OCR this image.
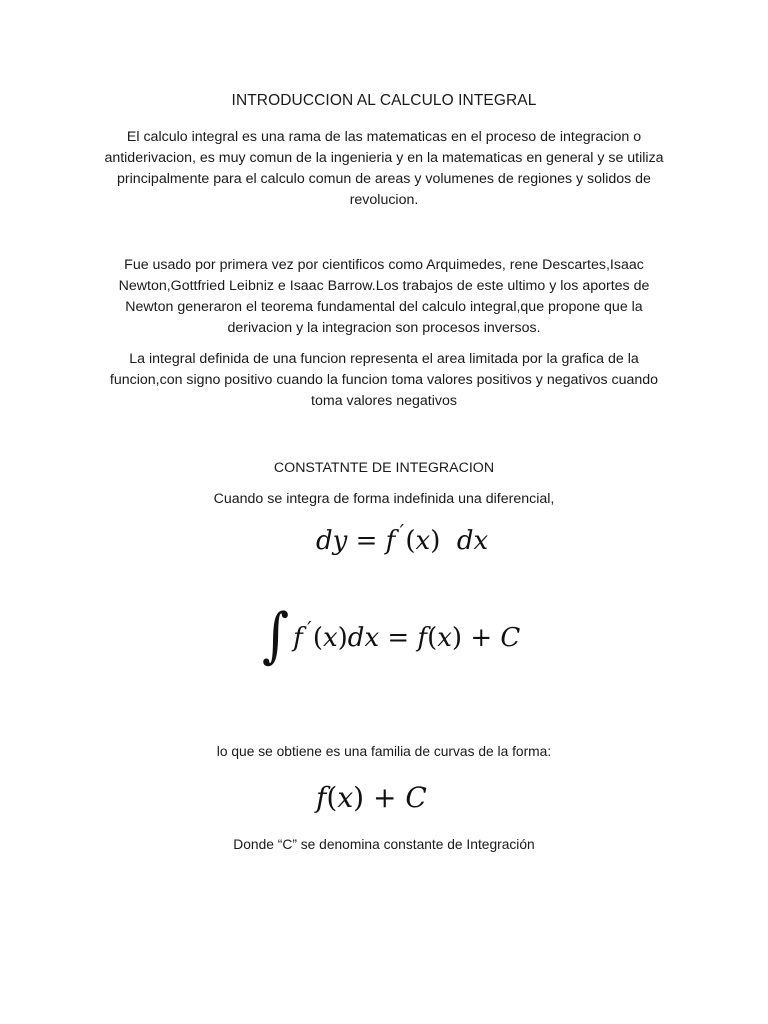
INTRODUCCION AL CALCULO INTEGRAL
El calculo integral es una rama de las matematicas en el proceso de integracion o antiderivacion, es muy comun de la ingenieria y en la matematicas en general y se utiliza principalmente para el calculo comun de areas y volumenes de regiones y solidos de revolucion.
Fue usado por primera vez por cientificos como Arquimedes, rene Descartes,Isaac Newton,Gottfried Leibniz e Isaac Barrow.Los trabajos de este ultimo y los aportes de Newton generaron el teorema fundamental del calculo integral,que propone que la derivacion y la integracion son procesos inversos.
La integral definida de una funcion representa el area limitada por la grafica de la funcion,con signo positivo cuando la funcion toma valores positivos y negativos cuando toma valores negativos
CONSTATNTE DE INTEGRACION
Cuando se integra de forma indefinida una diferencial,
dy = f´(x)  dx
∫ f´(x)dx = f(x) + C
lo que se obtiene es una familia de curvas de la forma:
f(x) + C
Donde “C” se denomina constante de Integración
